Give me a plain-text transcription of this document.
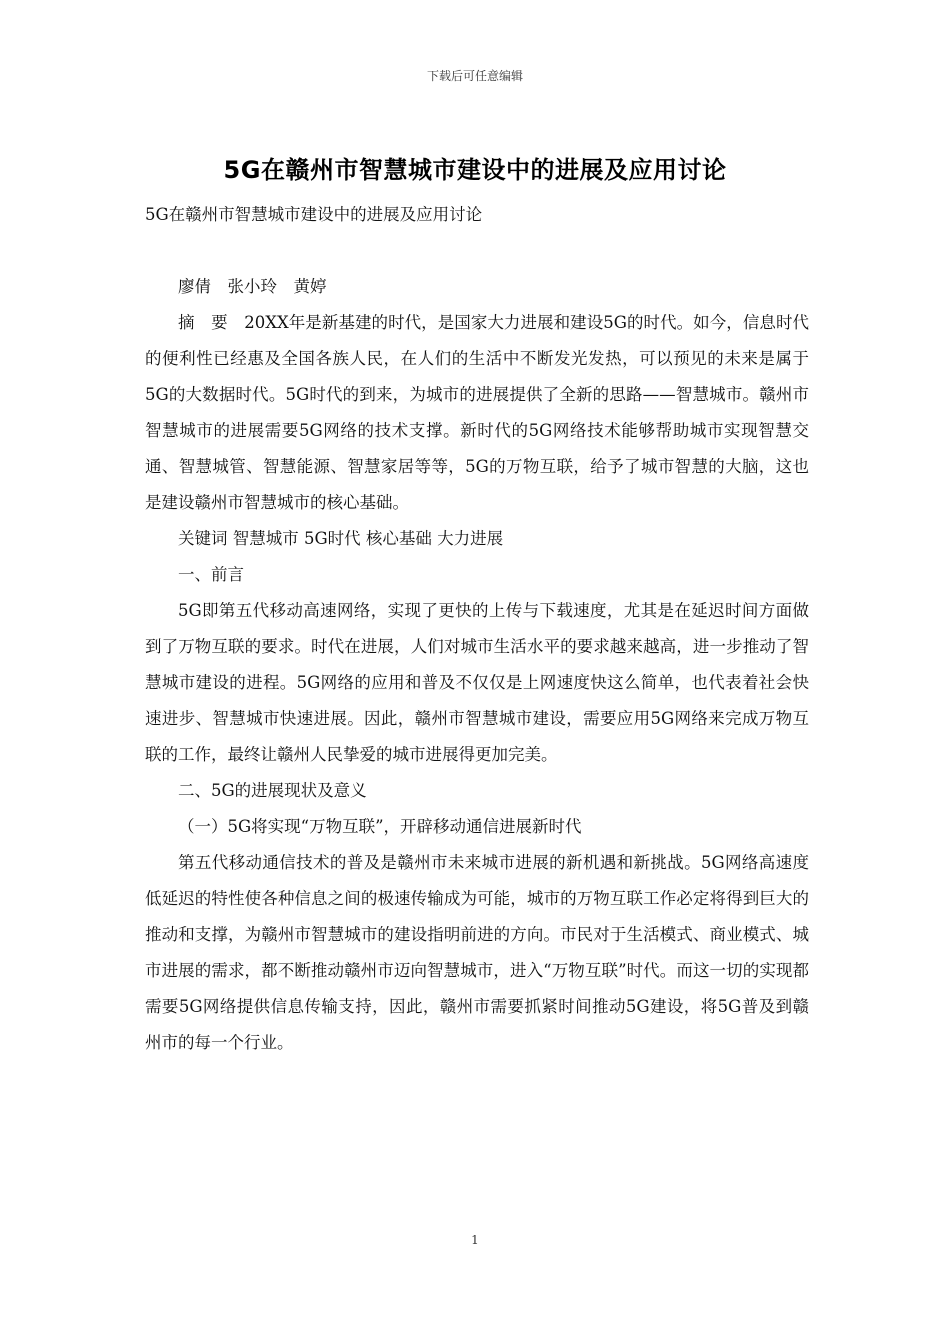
下载后可任意编辑
5G在赣州市智慧城市建设中的进展及应用讨论

5G在赣州市智慧城市建设中的进展及应用讨论

廖倩　张小玲　黄婷

摘　要　20XX年是新基建的时代，是国家大力进展和建设5G的时代。如今，信息时代的便利性已经惠及全国各族人民，在人们的生活中不断发光发热，可以预见的未来是属于5G的大数据时代。5G时代的到来，为城市的进展提供了全新的思路——智慧城市。赣州市智慧城市的进展需要5G网络的技术支撑。新时代的5G网络技术能够帮助城市实现智慧交通、智慧城管、智慧能源、智慧家居等等，5G的万物互联，给予了城市智慧的大脑，这也是建设赣州市智慧城市的核心基础。

关键词 智慧城市 5G时代 核心基础 大力进展

一、前言

5G即第五代移动高速网络，实现了更快的上传与下载速度，尤其是在延迟时间方面做到了万物互联的要求。时代在进展，人们对城市生活水平的要求越来越高，进一步推动了智慧城市建设的进程。5G网络的应用和普及不仅仅是上网速度快这么简单，也代表着社会快速进步、智慧城市快速进展。因此，赣州市智慧城市建设，需要应用5G网络来完成万物互联的工作，最终让赣州人民挚爱的城市进展得更加完美。

二、5G的进展现状及意义

（一）5G将实现“万物互联”，开辟移动通信进展新时代

第五代移动通信技术的普及是赣州市未来城市进展的新机遇和新挑战。5G网络高速度低延迟的特性使各种信息之间的极速传输成为可能，城市的万物互联工作必定将得到巨大的推动和支撑，为赣州市智慧城市的建设指明前进的方向。市民对于生活模式、商业模式、城市进展的需求，都不断推动赣州市迈向智慧城市，进入“万物互联”时代。而这一切的实现都需要5G网络提供信息传输支持，因此，赣州市需要抓紧时间推动5G建设，将5G普及到赣州市的每一个行业。

1
